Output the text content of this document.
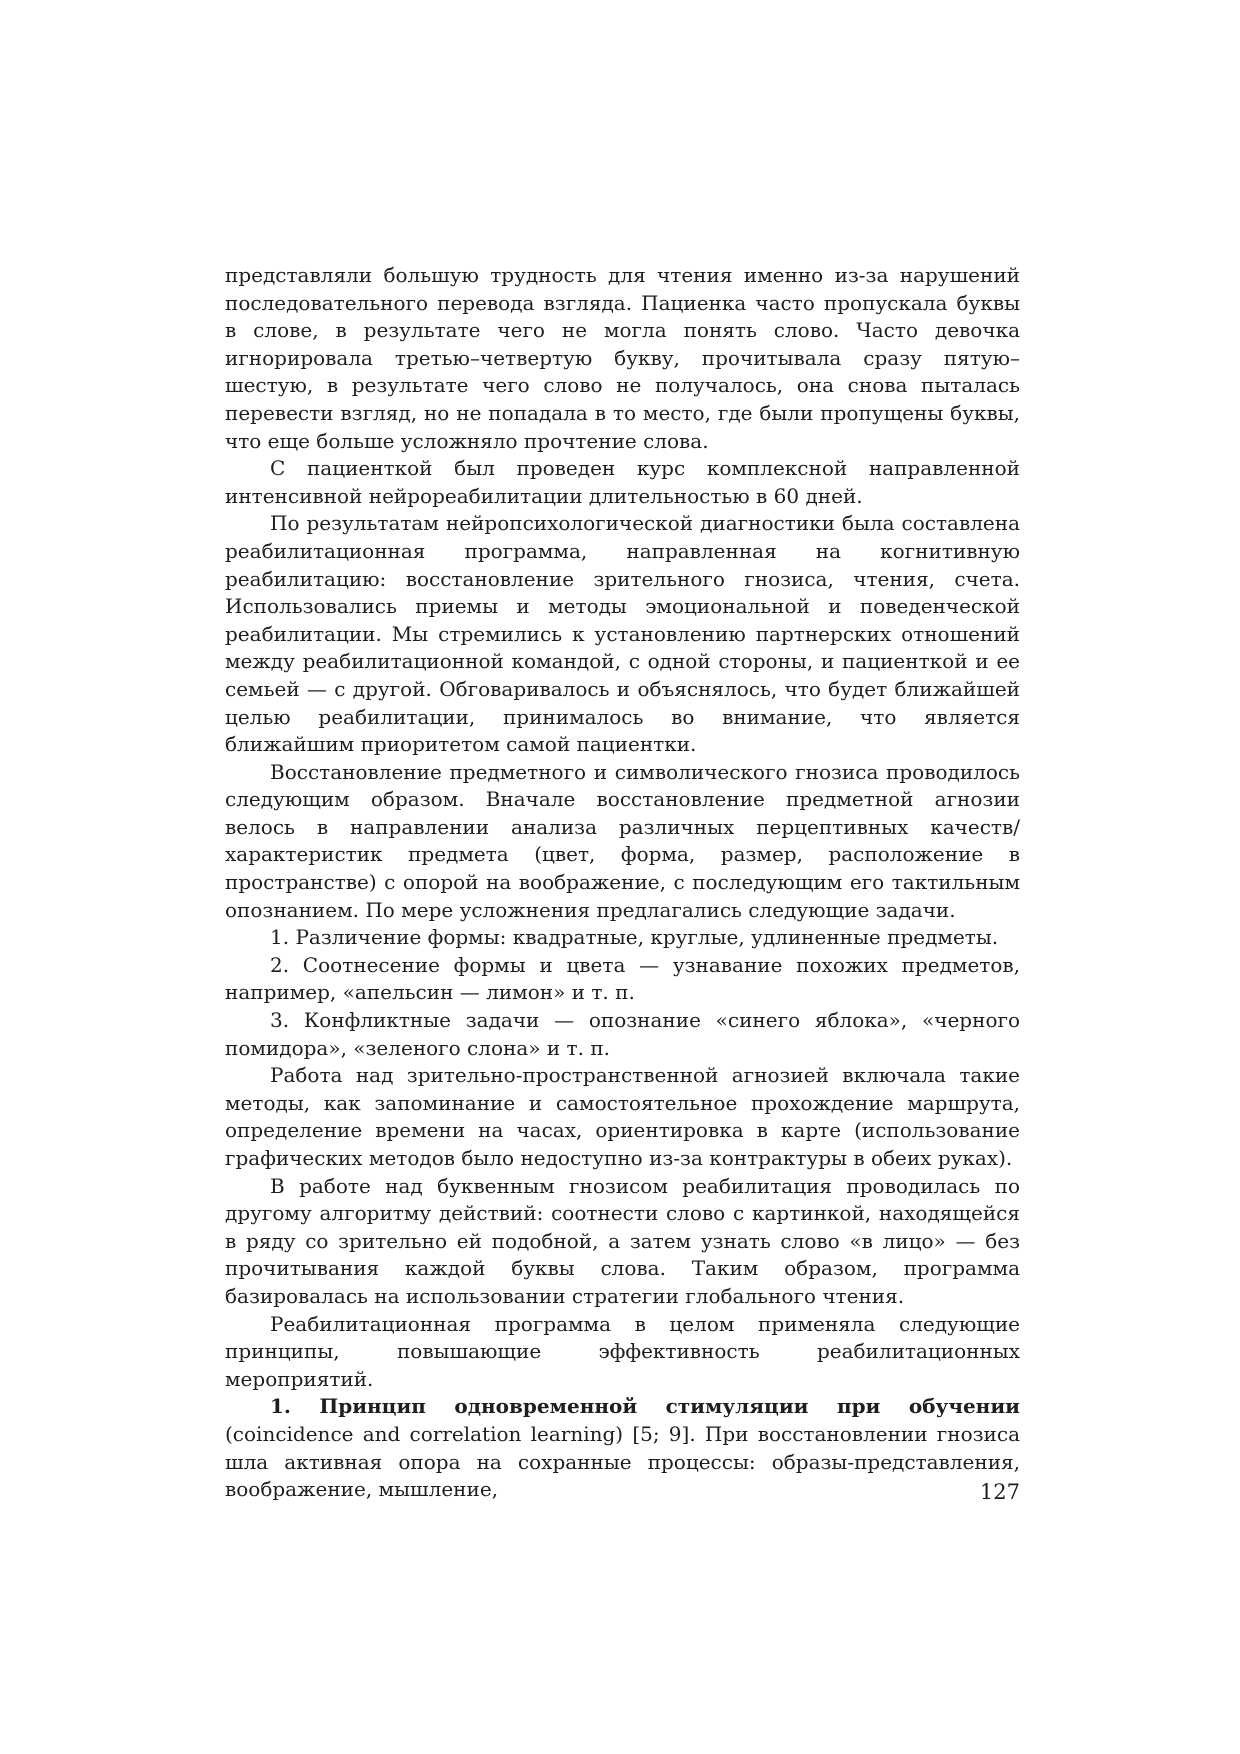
представляли большую трудность для чтения именно из-за нарушений последовательного перевода взгляда. Пациенка часто пропускала буквы в слове, в результате чего не могла понять слово. Часто девочка игнорировала третью–четвертую букву, прочитывала сразу пятую–шестую, в результате чего слово не получалось, она снова пыталась перевести взгляд, но не попадала в то место, где были пропущены буквы, что еще больше усложняло прочтение слова.

С пациенткой был проведен курс комплексной направленной интенсивной нейрореабилитации длительностью в 60 дней.

По результатам нейропсихологической диагностики была составлена реабилитационная программа, направленная на когнитивную реабилитацию: восстановление зрительного гнозиса, чтения, счета. Использовались приемы и методы эмоциональной и поведенческой реабилитации. Мы стремились к установлению партнерских отношений между реабилитационной командой, с одной стороны, и пациенткой и ее семьей — с другой. Обговаривалось и объяснялось, что будет ближайшей целью реабилитации, принималось во внимание, что является ближайшим приоритетом самой пациентки.

Восстановление предметного и символического гнозиса проводилось следующим образом. Вначале восстановление предметной агнозии велось в направлении анализа различных перцептивных качеств/характеристик предмета (цвет, форма, размер, расположение в пространстве) с опорой на воображение, с последующим его тактильным опознанием. По мере усложнения предлагались следующие задачи.

1. Различение формы: квадратные, круглые, удлиненные предметы.

2. Соотнесение формы и цвета — узнавание похожих предметов, например, «апельсин — лимон» и т. п.

3. Конфликтные задачи — опознание «синего яблока», «черного помидора», «зеленого слона» и т. п.

Работа над зрительно-пространственной агнозией включала такие методы, как запоминание и самостоятельное прохождение маршрута, определение времени на часах, ориентировка в карте (использование графических методов было недоступно из-за контрактуры в обеих руках).

В работе над буквенным гнозисом реабилитация проводилась по другому алгоритму действий: соотнести слово с картинкой, находящейся в ряду со зрительно ей подобной, а затем узнать слово «в лицо» — без прочитывания каждой буквы слова. Таким образом, программа базировалась на использовании стратегии глобального чтения.

Реабилитационная программа в целом применяла следующие принципы, повышающие эффективность реабилитационных мероприятий.

1. Принцип одновременной стимуляции при обучении (coincidence and correlation learning) [5; 9]. При восстановлении гнозиса шла активная опора на сохранные процессы: образы-представления, воображение, мышление,	127
